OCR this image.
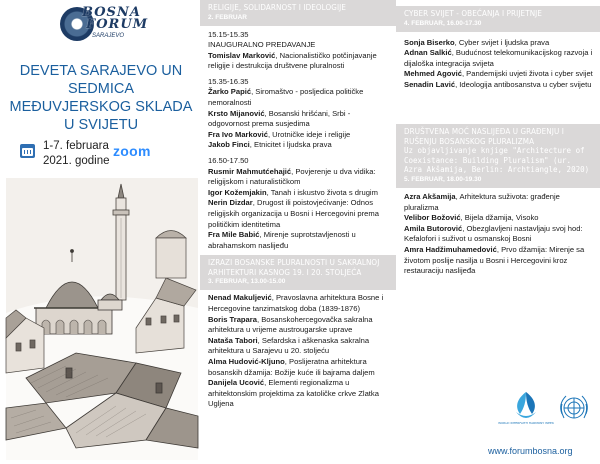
BOSNA
FORUM
SARAJEVO
DEVETA SARAJEVO UN SEDMICA MEĐUVJERSKOG SKLADA U SVIJETU
1-7. februara
2021. godine
zoom
RELIGIJE, SOLIDARNOST I IDEOLOGIJE
2. FEBRUAR
15.15-15.35
INAUGURALNO PREDAVANJE
Tomislav Marković, Nacionalističko potčinjavanje religije i destrukcija društvene pluralnosti
15.35-16.35
Žarko Papić, Siromaštvo - posljedica političke nemoralnosti
Krsto Mijanović, Bosanski hrišćani, Srbi - odgovornost prema susjedima
Fra Ivo Marković, Urotničke ideje i religije
Jakob Finci, Etnicitet i ljudska prava
16.50-17.50
Rusmir Mahmutćehajić, Povjerenje u dva vidika: religijskom i naturalističkom
Igor Kožemjakin, Tanah i iskustvo života s drugim
Nerin Dizdar, Drugost ili poistovjećivanje: Odnos religijskih organizacija u Bosni i Hercegovini prema političkim identitetima
Fra Mile Babić, Mirenje suprotstavljenosti u abrahamskom naslijeđu
IZRAZI BOSANSKE PLURALNOSTI U SAKRALNOJ ARHITEKTURI KASNOG 19. I 20. STOLJEĆA
3. FEBRUAR, 13.00-15.00
Nenad Makuljević, Pravoslavna arhitektura Bosne i Hercegovine tanzimatskog doba (1839-1876)
Boris Trapara, Bosanskohercegovačka sakralna arhitektura u vrijeme austrougarske uprave
Nataša Tabori, Sefardska i aškenaska sakralna arhitektura u Sarajevu u 20. stoljeću
Alma Hudović-Kljuno, Poslijeratna arhitektura bosanskih džamija: Božije kuće ili bajrama daljem
Danijela Ucović, Elementi regionalizma u arhitektonskim projektima za katoličke crkve Zlatka Ugljena
CYBER SVIJET - OBEĆANJA I PRIJETNJE
4. FEBRUAR, 16.00-17.30
Sonja Biserko, Cyber svijet i ljudska prava
Adnan Salkić, Budućnost telekomunikacijskog razvoja i dijaloška integracija svijeta
Mehmed Agović, Pandemijski uvjeti života i cyber svijet
Senadin Lavić, Ideologija antibosanstva u cyber svijetu
DRUŠTVENA MOĆ NASLIJEĐA U GRAĐENJU I RUŠENJU BOSANSKOG PLURALIZMA
Uz objavljivanje knjige "Architecture of Coexistance: Building Pluralism" (ur. Azra Akšamija, Berlin: Archtiangle, 2020)
5. FEBRUAR, 18.00-19.30
Azra Akšamija, Arhitektura suživota: građenje pluralizma
Velibor Božović, Bijela džamija, Visoko
Amila Butorović, Obezglavljeni nastavljaju svoj hod: Kefalofori i suživot u osmanskoj Bosni
Amra Hadžimuhamedović, Prvo džamija: Mirenje sa životom poslije nasilja u Bosni i Hercegovini kroz restauraciju naslijeđa
WORLD INTERFAITH HARMONY WEEK
www.forumbosna.org
